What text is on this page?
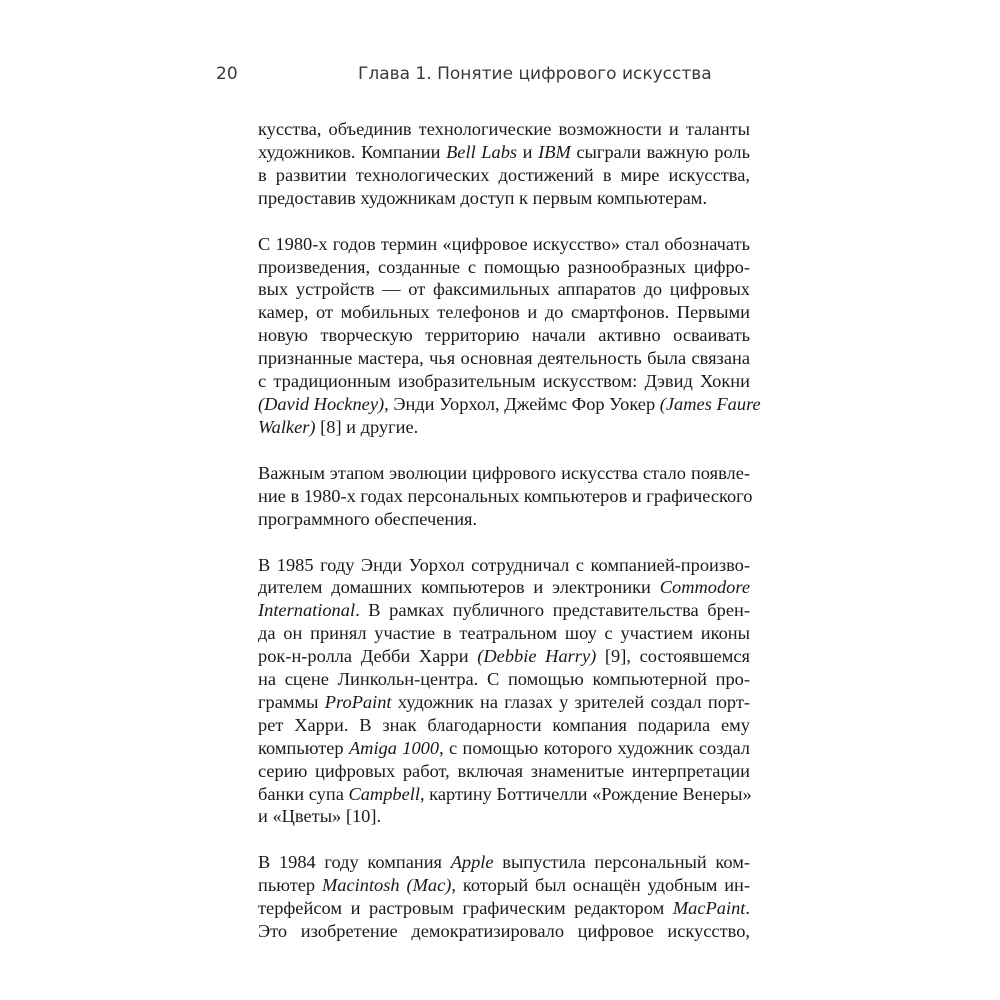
20	Глава 1. Понятие цифрового искусства
кусства, объединив технологические возможности и таланты
художников. Компании Bell Labs и IBM сыграли важную роль
в развитии технологических достижений в мире искусства,
предоставив художникам доступ к первым компьютерам.
С 1980-х годов термин «цифровое искусство» стал обозначать
произведения, созданные с помощью разнообразных цифро-
вых устройств — от факсимильных аппаратов до цифровых
камер, от мобильных телефонов и до смартфонов. Первыми
новую творческую территорию начали активно осваивать
признанные мастера, чья основная деятельность была связана
с традиционным изобразительным искусством: Дэвид Хокни
(David Hockney), Энди Уорхол, Джеймс Фор Уокер (James Faure
Walker) [8] и другие.
Важным этапом эволюции цифрового искусства стало появле-
ние в 1980-х годах персональных компьютеров и графического
программного обеспечения.
В 1985 году Энди Уорхол сотрудничал с компанией-произво-
дителем домашних компьютеров и электроники Commodore
International. В рамках публичного представительства брен-
да он принял участие в театральном шоу с участием иконы
рок-н-ролла Дебби Харри (Debbie Harry) [9], состоявшемся
на сцене Линкольн-центра. С помощью компьютерной про-
граммы ProPaint художник на глазах у зрителей создал порт-
рет Харри. В знак благодарности компания подарила ему
компьютер Amiga 1000, с помощью которого художник создал
серию цифровых работ, включая знаменитые интерпретации
банки супа Campbell, картину Боттичелли «Рождение Венеры»
и «Цветы» [10].
В 1984 году компания Apple выпустила персональный ком-
пьютер Macintosh (Mac), который был оснащён удобным ин-
терфейсом и растровым графическим редактором MacPaint.
Это изобретение демократизировало цифровое искусство,
